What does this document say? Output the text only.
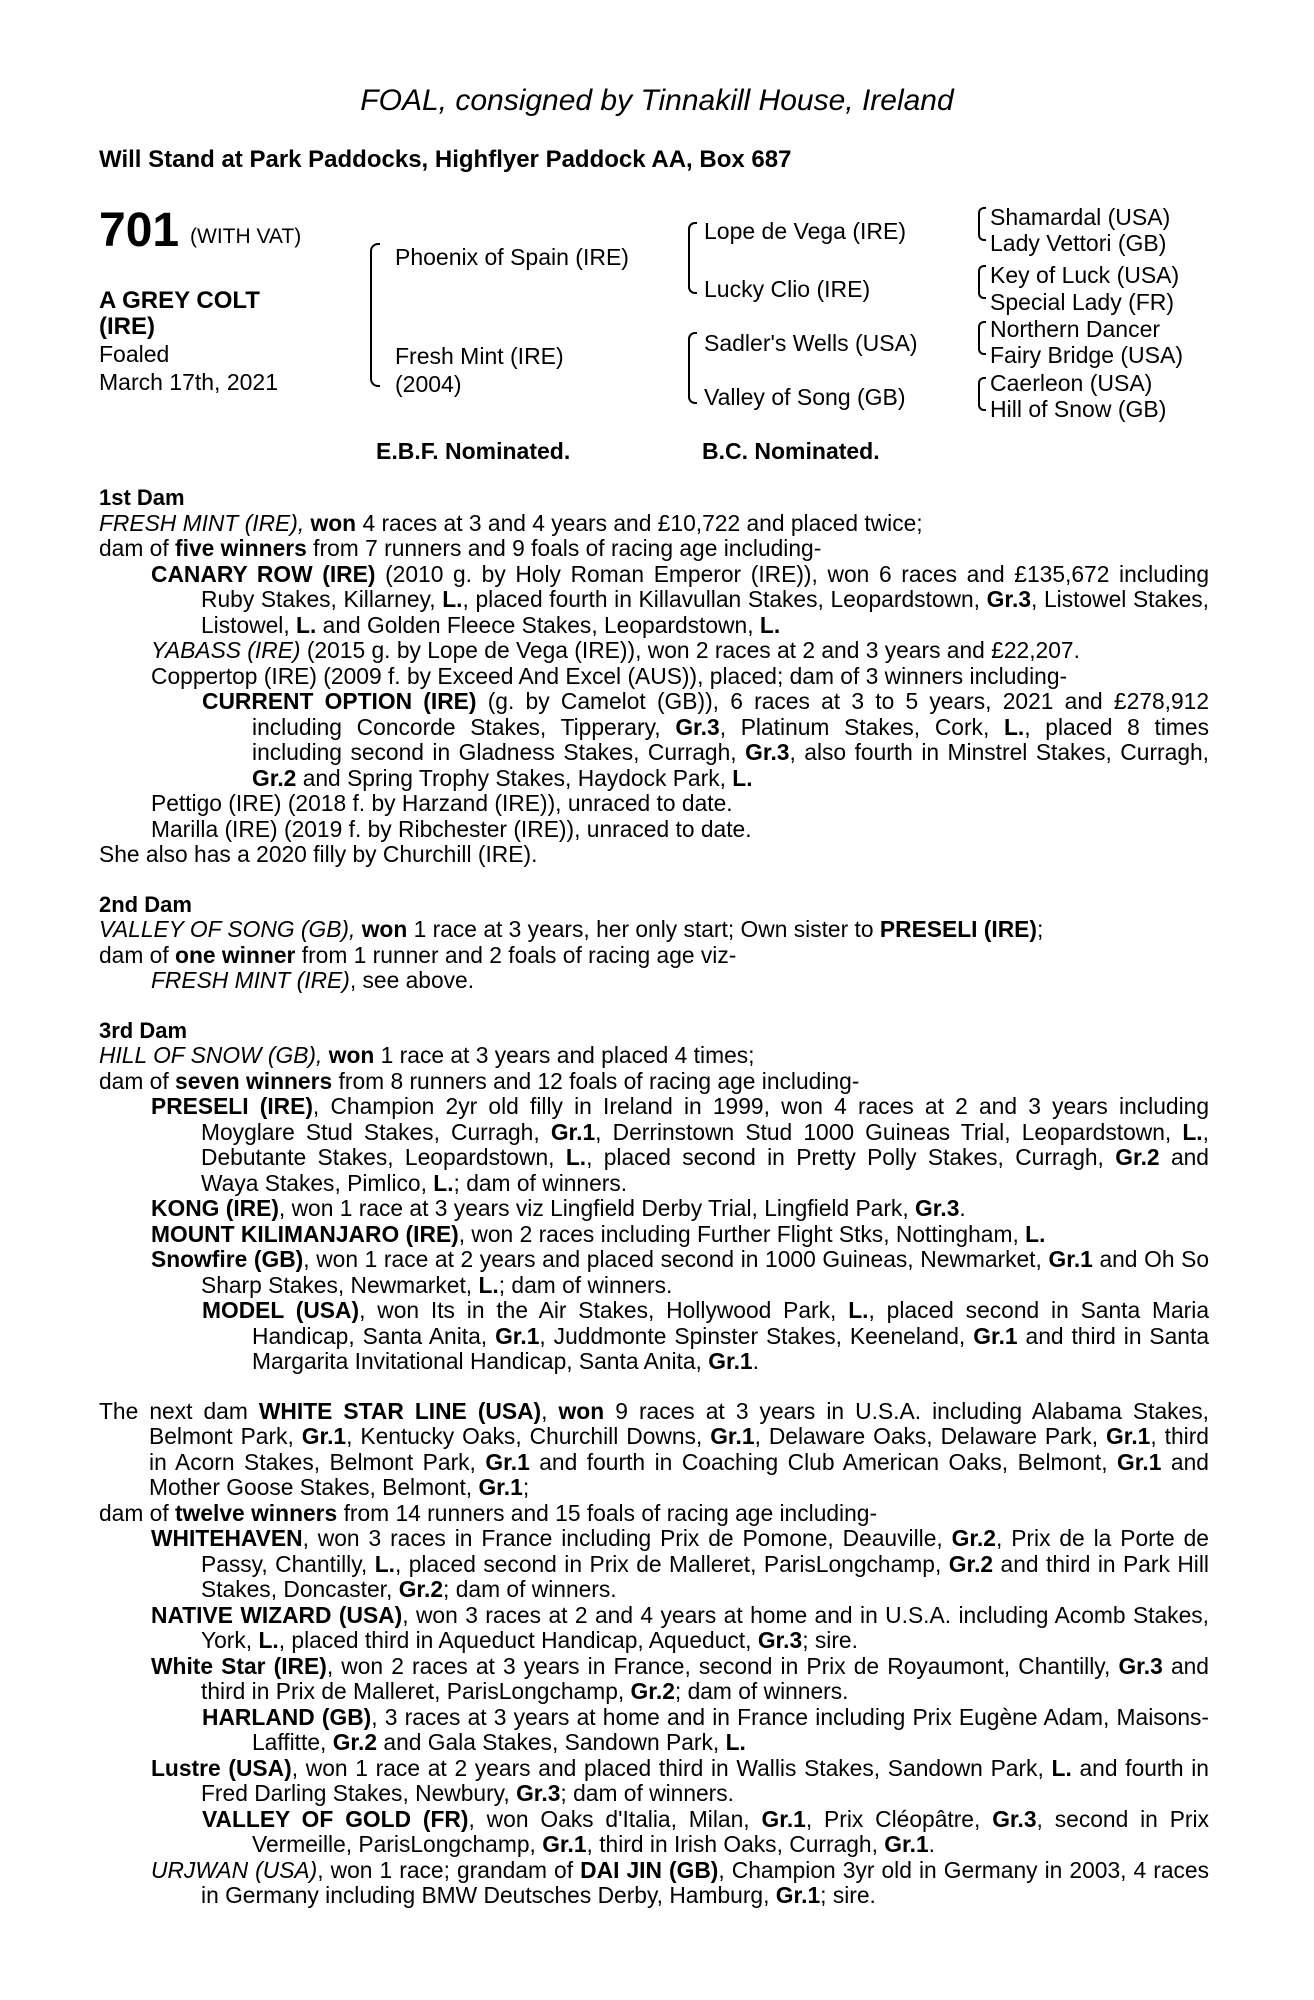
FOAL, consigned by Tinnakill House, Ireland
Will Stand at Park Paddocks, Highflyer Paddock AA, Box 687
701 (WITH VAT)
A GREY COLT
(IRE)
Foaled
March 17th, 2021
Phoenix of Spain (IRE)
Fresh Mint (IRE)
(2004)
Lope de Vega (IRE)
Lucky Clio (IRE)
Sadler's Wells (USA)
Valley of Song (GB)
Shamardal (USA)
Lady Vettori (GB)
Key of Luck (USA)
Special Lady (FR)
Northern Dancer
Fairy Bridge (USA)
Caerleon (USA)
Hill of Snow (GB)
E.B.F. Nominated.	B.C. Nominated.

1st Dam

FRESH MINT (IRE), won 4 races at 3 and 4 years and £10,722 and placed twice;

dam of five winners from 7 runners and 9 foals of racing age including-

CANARY ROW (IRE) (2010 g. by Holy Roman Emperor (IRE)), won 6 races and £135,672 including Ruby Stakes, Killarney, L., placed fourth in Killavullan Stakes, Leopardstown, Gr.3, Listowel Stakes, Listowel, L. and Golden Fleece Stakes, Leopardstown, L.

YABASS (IRE) (2015 g. by Lope de Vega (IRE)), won 2 races at 2 and 3 years and £22,207.

Coppertop (IRE) (2009 f. by Exceed And Excel (AUS)), placed; dam of 3 winners including-

CURRENT OPTION (IRE) (g. by Camelot (GB)), 6 races at 3 to 5 years, 2021 and £278,912 including Concorde Stakes, Tipperary, Gr.3, Platinum Stakes, Cork, L., placed 8 times including second in Gladness Stakes, Curragh, Gr.3, also fourth in Minstrel Stakes, Curragh, Gr.2 and Spring Trophy Stakes, Haydock Park, L.

Pettigo (IRE) (2018 f. by Harzand (IRE)), unraced to date.

Marilla (IRE) (2019 f. by Ribchester (IRE)), unraced to date.

She also has a 2020 filly by Churchill (IRE).

2nd Dam

VALLEY OF SONG (GB), won 1 race at 3 years, her only start; Own sister to PRESELI (IRE);

dam of one winner from 1 runner and 2 foals of racing age viz-

FRESH MINT (IRE), see above.

3rd Dam

HILL OF SNOW (GB), won 1 race at 3 years and placed 4 times;

dam of seven winners from 8 runners and 12 foals of racing age including-

PRESELI (IRE), Champion 2yr old filly in Ireland in 1999, won 4 races at 2 and 3 years including Moyglare Stud Stakes, Curragh, Gr.1, Derrinstown Stud 1000 Guineas Trial, Leopardstown, L., Debutante Stakes, Leopardstown, L., placed second in Pretty Polly Stakes, Curragh, Gr.2 and Waya Stakes, Pimlico, L.; dam of winners.

KONG (IRE), won 1 race at 3 years viz Lingfield Derby Trial, Lingfield Park, Gr.3.

MOUNT KILIMANJARO (IRE), won 2 races including Further Flight Stks, Nottingham, L.

Snowfire (GB), won 1 race at 2 years and placed second in 1000 Guineas, Newmarket, Gr.1 and Oh So Sharp Stakes, Newmarket, L.; dam of winners.

MODEL (USA), won Its in the Air Stakes, Hollywood Park, L., placed second in Santa Maria Handicap, Santa Anita, Gr.1, Juddmonte Spinster Stakes, Keeneland, Gr.1 and third in Santa Margarita Invitational Handicap, Santa Anita, Gr.1.

The next dam WHITE STAR LINE (USA), won 9 races at 3 years in U.S.A. including Alabama Stakes, Belmont Park, Gr.1, Kentucky Oaks, Churchill Downs, Gr.1, Delaware Oaks, Delaware Park, Gr.1, third in Acorn Stakes, Belmont Park, Gr.1 and fourth in Coaching Club American Oaks, Belmont, Gr.1 and Mother Goose Stakes, Belmont, Gr.1;

dam of twelve winners from 14 runners and 15 foals of racing age including-

WHITEHAVEN, won 3 races in France including Prix de Pomone, Deauville, Gr.2, Prix de la Porte de Passy, Chantilly, L., placed second in Prix de Malleret, ParisLongchamp, Gr.2 and third in Park Hill Stakes, Doncaster, Gr.2; dam of winners.

NATIVE WIZARD (USA), won 3 races at 2 and 4 years at home and in U.S.A. including Acomb Stakes, York, L., placed third in Aqueduct Handicap, Aqueduct, Gr.3; sire.

White Star (IRE), won 2 races at 3 years in France, second in Prix de Royaumont, Chantilly, Gr.3 and third in Prix de Malleret, ParisLongchamp, Gr.2; dam of winners.

HARLAND (GB), 3 races at 3 years at home and in France including Prix Eugène Adam, Maisons-Laffitte, Gr.2 and Gala Stakes, Sandown Park, L.

Lustre (USA), won 1 race at 2 years and placed third in Wallis Stakes, Sandown Park, L. and fourth in Fred Darling Stakes, Newbury, Gr.3; dam of winners.

VALLEY OF GOLD (FR), won Oaks d'Italia, Milan, Gr.1, Prix Cléopâtre, Gr.3, second in Prix Vermeille, ParisLongchamp, Gr.1, third in Irish Oaks, Curragh, Gr.1.

URJWAN (USA), won 1 race; grandam of DAI JIN (GB), Champion 3yr old in Germany in 2003, 4 races in Germany including BMW Deutsches Derby, Hamburg, Gr.1; sire.
